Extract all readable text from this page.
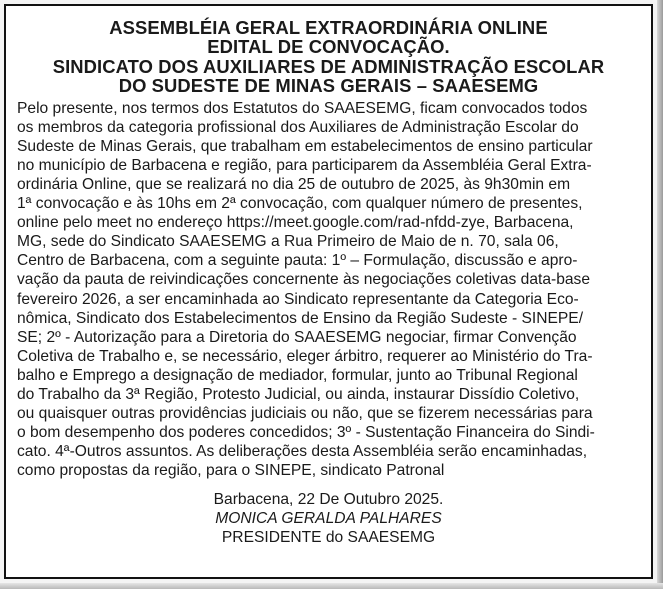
ASSEMBLÉIA GERAL EXTRAORDINÁRIA ONLINE
EDITAL DE CONVOCAÇÃO.
SINDICATO DOS AUXILIARES DE ADMINISTRAÇÃO ESCOLAR
DO SUDESTE DE MINAS GERAIS – SAAESEMG
Pelo presente, nos termos dos Estatutos do SAAESEMG, ficam convocados todos
os membros da categoria profissional dos Auxiliares de Administração Escolar do
Sudeste de Minas Gerais, que trabalham em estabelecimentos de ensino particular
no município de Barbacena e região, para participarem da Assembléia Geral Extra-
ordinária Online, que se realizará no dia 25 de outubro de 2025, às 9h30min em
1ª convocação e às 10hs em 2ª convocação, com qualquer número de presentes,
online pelo meet no endereço https://meet.google.com/rad-nfdd-zye, Barbacena,
MG, sede do Sindicato SAAESEMG a Rua Primeiro de Maio de n. 70, sala 06,
Centro de Barbacena, com a seguinte pauta: 1º – Formulação, discussão e apro-
vação da pauta de reivindicações concernente às negociações coletivas data-base
fevereiro 2026, a ser encaminhada ao Sindicato representante da Categoria Eco-
nômica, Sindicato dos Estabelecimentos de Ensino da Região Sudeste - SINEPE/
SE; 2º - Autorização para a Diretoria do SAAESEMG negociar, firmar Convenção
Coletiva de Trabalho e, se necessário, eleger árbitro, requerer ao Ministério do Tra-
balho e Emprego a designação de mediador, formular, junto ao Tribunal Regional
do Trabalho da 3ª Região, Protesto Judicial, ou ainda, instaurar Dissídio Coletivo,
ou quaisquer outras providências judiciais ou não, que se fizerem necessárias para
o bom desempenho dos poderes concedidos; 3º - Sustentação Financeira do Sindi-
cato. 4ª-Outros assuntos. As deliberações desta Assembléia serão encaminhadas,
como propostas da região, para o SINEPE, sindicato Patronal
Barbacena, 22 De Outubro 2025.
MONICA GERALDA PALHARES
PRESIDENTE do SAAESEMG
